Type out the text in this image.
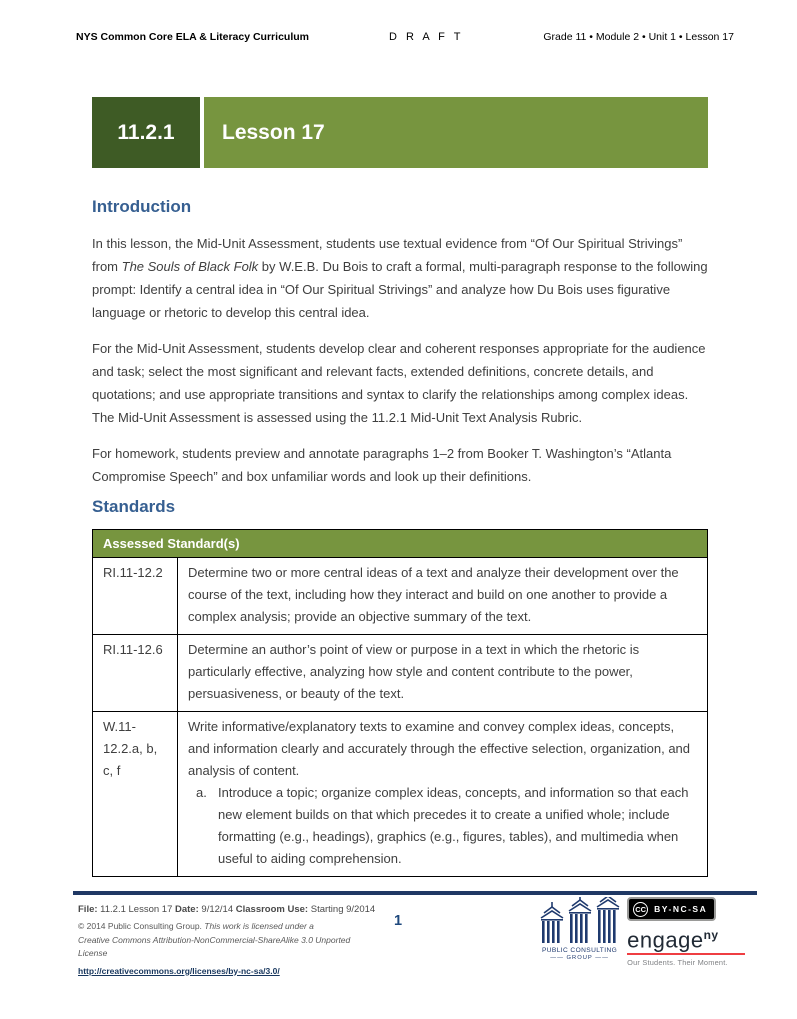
NYS Common Core ELA & Literacy Curriculum	D R A F T	Grade 11 • Module 2 • Unit 1 • Lesson 17
11.2.1	Lesson 17
Introduction

In this lesson, the Mid-Unit Assessment, students use textual evidence from “Of Our Spiritual Strivings” from The Souls of Black Folk by W.E.B. Du Bois to craft a formal, multi-paragraph response to the following prompt: Identify a central idea in “Of Our Spiritual Strivings” and analyze how Du Bois uses figurative language or rhetoric to develop this central idea.

For the Mid-Unit Assessment, students develop clear and coherent responses appropriate for the audience and task; select the most significant and relevant facts, extended definitions, concrete details, and quotations; and use appropriate transitions and syntax to clarify the relationships among complex ideas. The Mid-Unit Assessment is assessed using the 11.2.1 Mid-Unit Text Analysis Rubric.

For homework, students preview and annotate paragraphs 1–2 from Booker T. Washington’s “Atlanta Compromise Speech” and box unfamiliar words and look up their definitions.

Standards
Assessed Standard(s)	
RI.11-12.2	Determine two or more central ideas of a text and analyze their development over the course of the text, including how they interact and build on one another to provide a complex analysis; provide an objective summary of the text.
RI.11-12.6	Determine an author’s point of view or purpose in a text in which the rhetoric is particularly effective, analyzing how style and content contribute to the power, persuasiveness, or beauty of the text.
W.11-12.2.a, b, c, f	Write informative/explanatory texts to examine and convey complex ideas, concepts, and information clearly and accurately through the effective selection, organization, and analysis of content.
a. Introduce a topic; organize complex ideas, concepts, and information so that each new element builds on that which precedes it to create a unified whole; include formatting (e.g., headings), graphics (e.g., figures, tables), and multimedia when useful to aiding comprehension.

File: 11.2.1 Lesson 17 Date: 9/12/14 Classroom Use: Starting 9/2014

© 2014 Public Consulting Group. This work is licensed under a

Creative Commons Attribution-NonCommercial-ShareAlike 3.0 Unported License

http://creativecommons.org/licenses/by-nc-sa/3.0/
1
PUBLIC CONSULTING
—— GROUP ——
CC BY-NC-SA
engage$^{ny}$
Our Students. Their Moment.
